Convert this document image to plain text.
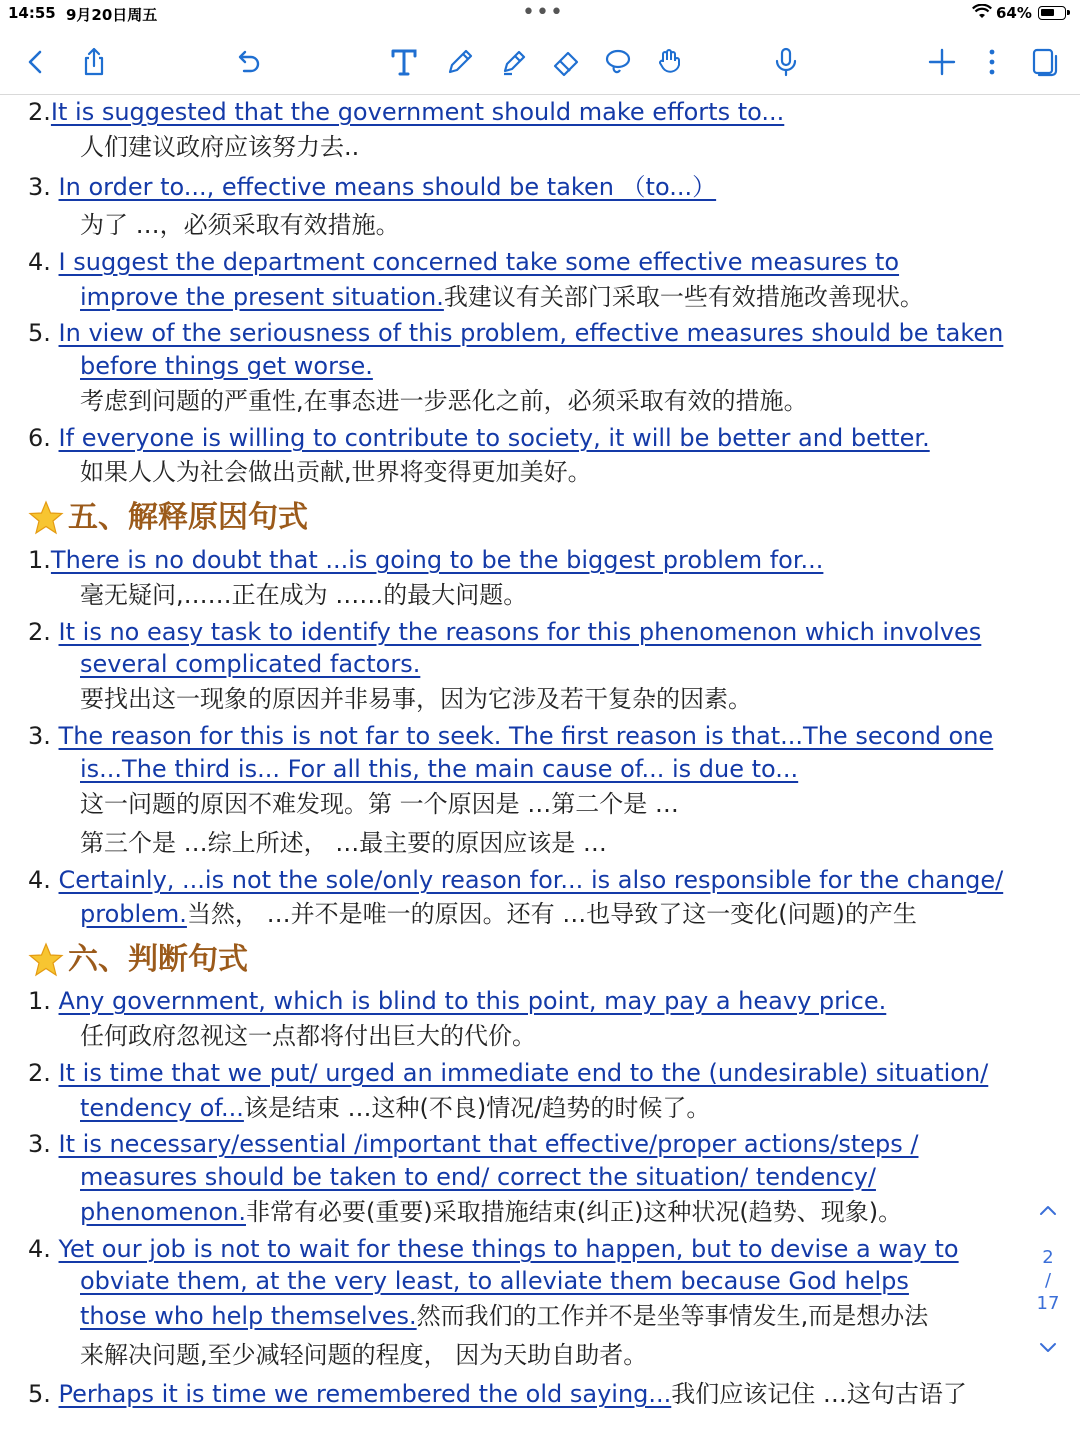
14:55 9月20日周五	•••	64%
2.It is suggested that the government should make efforts to...
人们建议政府应该努力去..
3. In order to..., effective means should be taken （to...）
为了 …，必须采取有效措施。
4. I suggest the department concerned take some effective measures to
improve the present situation.我建议有关部门采取一些有效措施改善现状。
5. In view of the seriousness of this problem, effective measures should be taken
before things get worse.
考虑到问题的严重性,在事态进一步恶化之前，必须采取有效的措施。
6. If everyone is willing to contribute to society, it will be better and better.
如果人人为社会做出贡献,世界将变得更加美好。
五、解释原因句式
1.There is no doubt that ...is going to be the biggest problem for...
毫无疑问,……正在成为 ……的最大问题。
2. It is no easy task to identify the reasons for this phenomenon which involves
several complicated factors.
要找出这一现象的原因并非易事，因为它涉及若干复杂的因素。
3. The reason for this is not far to seek. The first reason is that...The second one
is...The third is... For all this, the main cause of... is due to...
这一问题的原因不难发现。第 一个原因是 …第二个是 …
第三个是 …综上所述， …最主要的原因应该是 …
4. Certainly, ...is not the sole/only reason for... is also responsible for the change/
problem.当然， …并不是唯一的原因。还有 …也导致了这一变化(问题)的产生
六、判断句式
1. Any government, which is blind to this point, may pay a heavy price.
任何政府忽视这一点都将付出巨大的代价。
2. It is time that we put/ urged an immediate end to the (undesirable) situation/
tendency of...该是结束 …这种(不良)情况/趋势的时候了。
3. It is necessary/essential /important that effective/proper actions/steps /
measures should be taken to end/ correct the situation/ tendency/
phenomenon.非常有必要(重要)采取措施结束(纠正)这种状况(趋势、现象)。
4. Yet our job is not to wait for these things to happen, but to devise a way to
obviate them, at the very least, to alleviate them because God helps
those who help themselves.然而我们的工作并不是坐等事情发生,而是想办法
来解决问题,至少减轻问题的程度， 因为天助自助者。
5. Perhaps it is time we remembered the old saying...我们应该记住 …这句古语了
2
/
17
